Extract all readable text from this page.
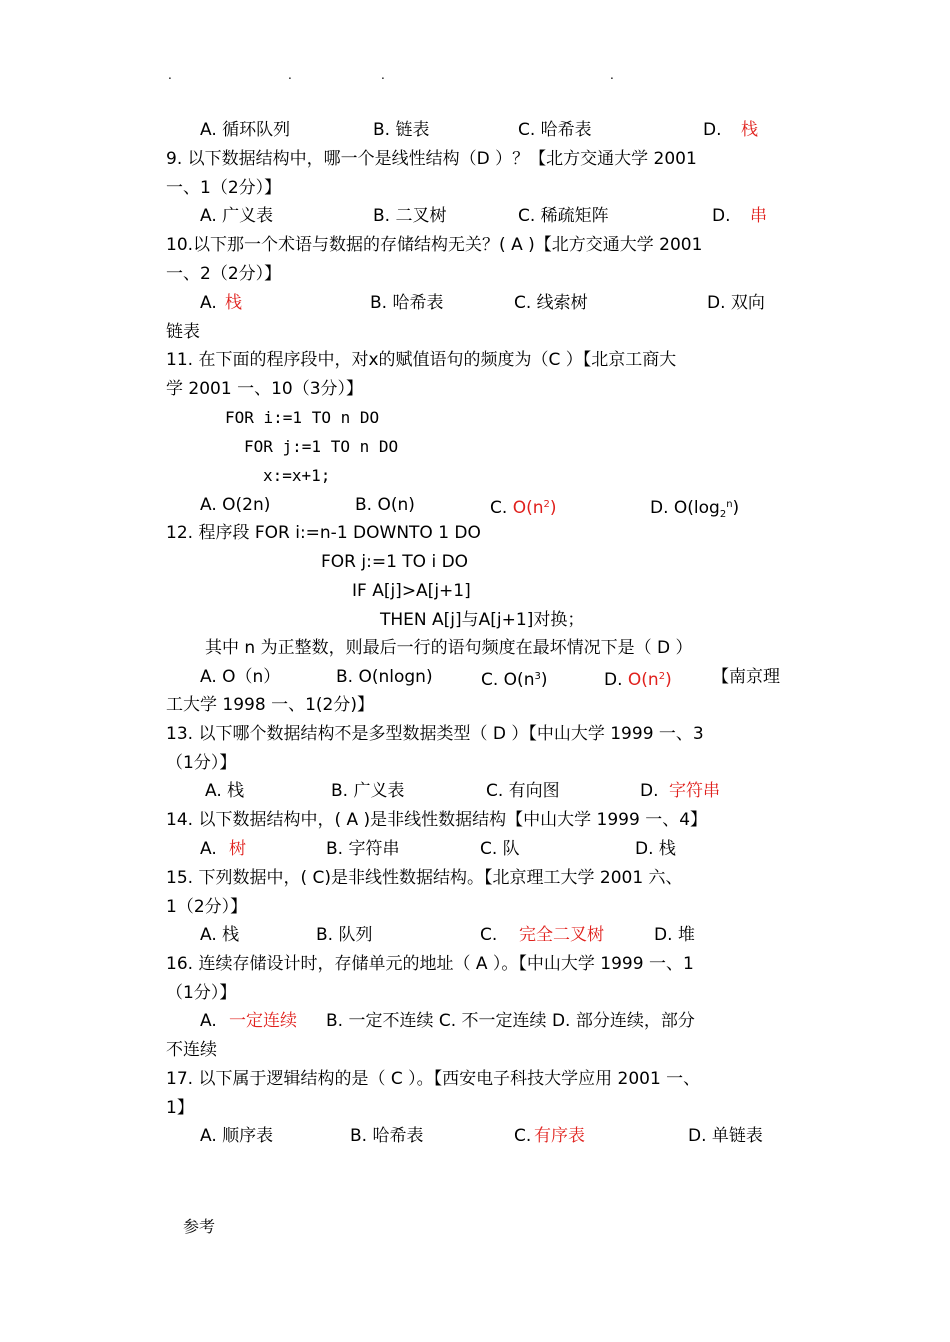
.	.	.	.
A. 循环队列	B. 链表	C. 哈希表	D. 栈
9. 以下数据结构中，哪一个是线性结构（D ）？【北方交通大学 2001
一、1（2分）】
A. 广义表	B. 二叉树	C. 稀疏矩阵	D. 串
10.以下那一个术语与数据的存储结构无关？( A )【北方交通大学 2001
一、2（2分）】
A. 栈	B. 哈希表	C. 线索树	D. 双向
链表
11. 在下面的程序段中，对x的赋值语句的频度为（C ）【北京工商大
学 2001 一、10（3分）】
FOR i:=1 TO n DO
FOR j:=1 TO n DO
x:=x+1;
12. 程序段 FOR i:=n-1 DOWNTO 1 DO
FOR j:=1 TO i DO
IF A[j]>A[j+1]
THEN A[j]与A[j+1]对换；
其中 n 为正整数，则最后一行的语句频度在最坏情况下是（ D ）
工大学 1998 一、1(2分)】
13. 以下哪个数据结构不是多型数据类型（ D ）【中山大学 1999 一、3
（1分）】
A. 栈	B. 广义表	C. 有向图	D. 字符串
14. 以下数据结构中，( A )是非线性数据结构【中山大学 1999 一、4】
A. 树	B. 字符串	C. 队	D. 栈
15. 下列数据中，( C)是非线性数据结构。【北京理工大学 2001 六、
1（2分）】
A. 栈	B. 队列	C. 完全二叉树	D. 堆
16. 连续存储设计时，存储单元的地址（ A ）。【中山大学 1999 一、1
（1分）】
A. 一定连续 B. 一定不连续 C. 不一定连续 D. 部分连续，部分
不连续
17. 以下属于逻辑结构的是（ C ）。【西安电子科技大学应用 2001 一、
1】
A. 顺序表	B. 哈希表	C. 有序表	D. 单链表
A. O(2n)	B. O(n)	C. $O(n^2)$	D. $O(\log_2^n)$
A. O（n）	B. O(nlogn)	C. $O(n^3)$	D. $O(n^2)$ 【南京理
参考
